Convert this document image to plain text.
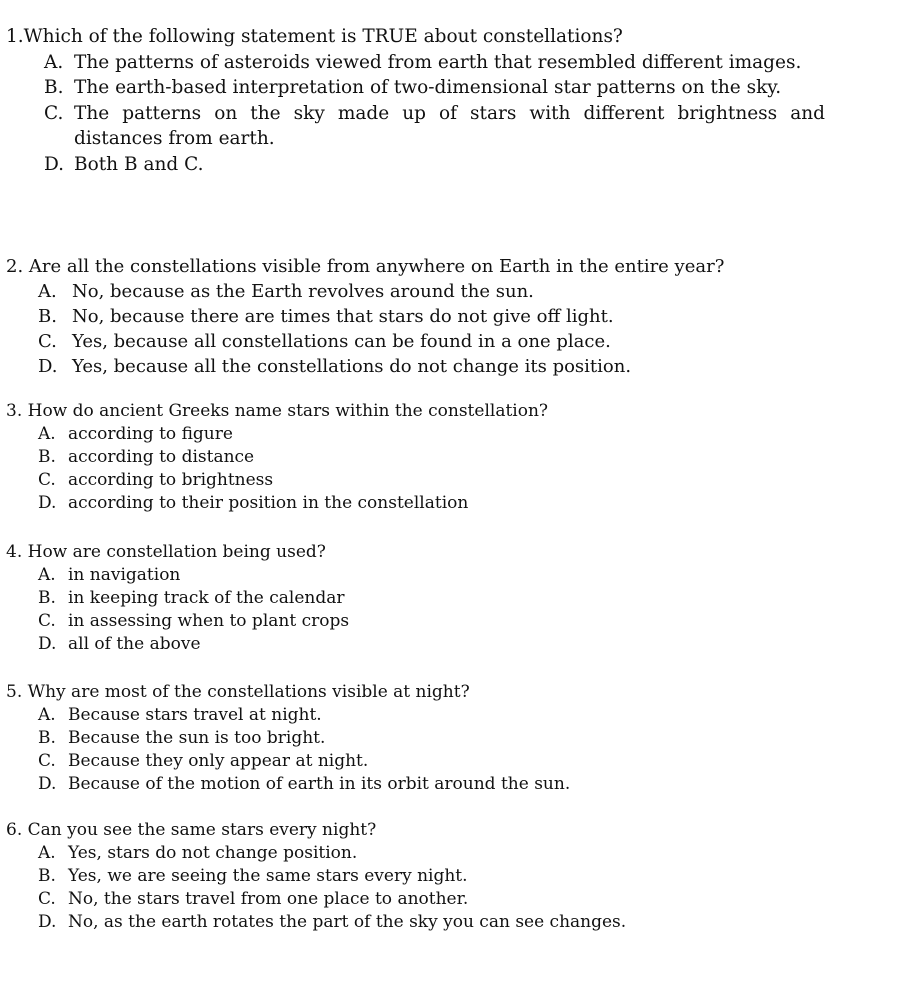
1.Which of the following statement is TRUE about constellations?
A. The patterns of asteroids viewed from earth that resembled different images.
B. The earth-based interpretation of two-dimensional star patterns on the sky.
C. The patterns on the sky made up of stars with different brightness and distances from earth.
D. Both B and C.
2. Are all the constellations visible from anywhere on Earth in the entire year?
A. No, because as the Earth revolves around the sun.
B. No, because there are times that stars do not give off light.
C. Yes, because all constellations can be found in a one place.
D. Yes, because all the constellations do not change its position.
3. How do ancient Greeks name stars within the constellation?
A. according to figure
B. according to distance
C. according to brightness
D. according to their position in the constellation
4. How are constellation being used?
A. in navigation
B. in keeping track of the calendar
C. in assessing when to plant crops
D. all of the above
5. Why are most of the constellations visible at night?
A. Because stars travel at night.
B. Because the sun is too bright.
C. Because they only appear at night.
D. Because of the motion of earth in its orbit around the sun.
6. Can you see the same stars every night?
A. Yes, stars do not change position.
B. Yes, we are seeing the same stars every night.
C. No, the stars travel from one place to another.
D. No, as the earth rotates the part of the sky you can see changes.
